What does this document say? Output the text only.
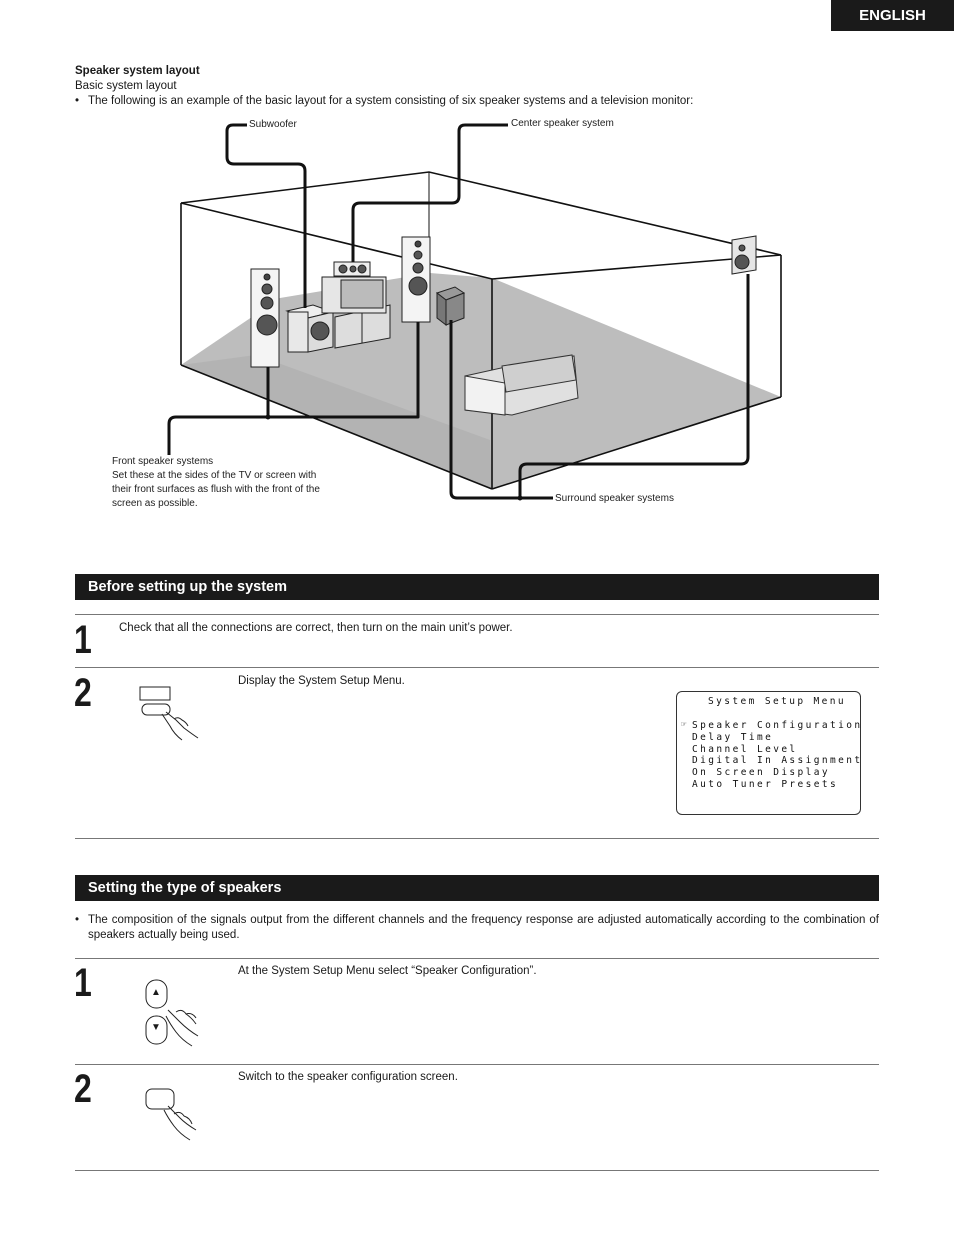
ENGLISH
Speaker system layout
Basic system layout
• The following is an example of the basic layout for a system consisting of six speaker systems and a television monitor:
Subwoofer	Center speaker system
Front speaker systems
Set these at the sides of the TV or screen with
their front surfaces as flush with the front of the
screen as possible.	Surround speaker systems
Before setting up the system
1 Check that all the connections are correct, then turn on the main unit’s power.
2	Display the System Setup Menu.
System Setup Menu
☞ Speaker Configuration
Delay Time
Channel Level
Digital In Assignment
On Screen Display
Auto Tuner Presets
Setting the type of speakers
• The composition of the signals output from the different channels and the frequency response are adjusted automatically according to the combination of speakers actually being used.
1	▲
▼
At the System Setup Menu select “Speaker Configuration”.
2	Switch to the speaker configuration screen.
